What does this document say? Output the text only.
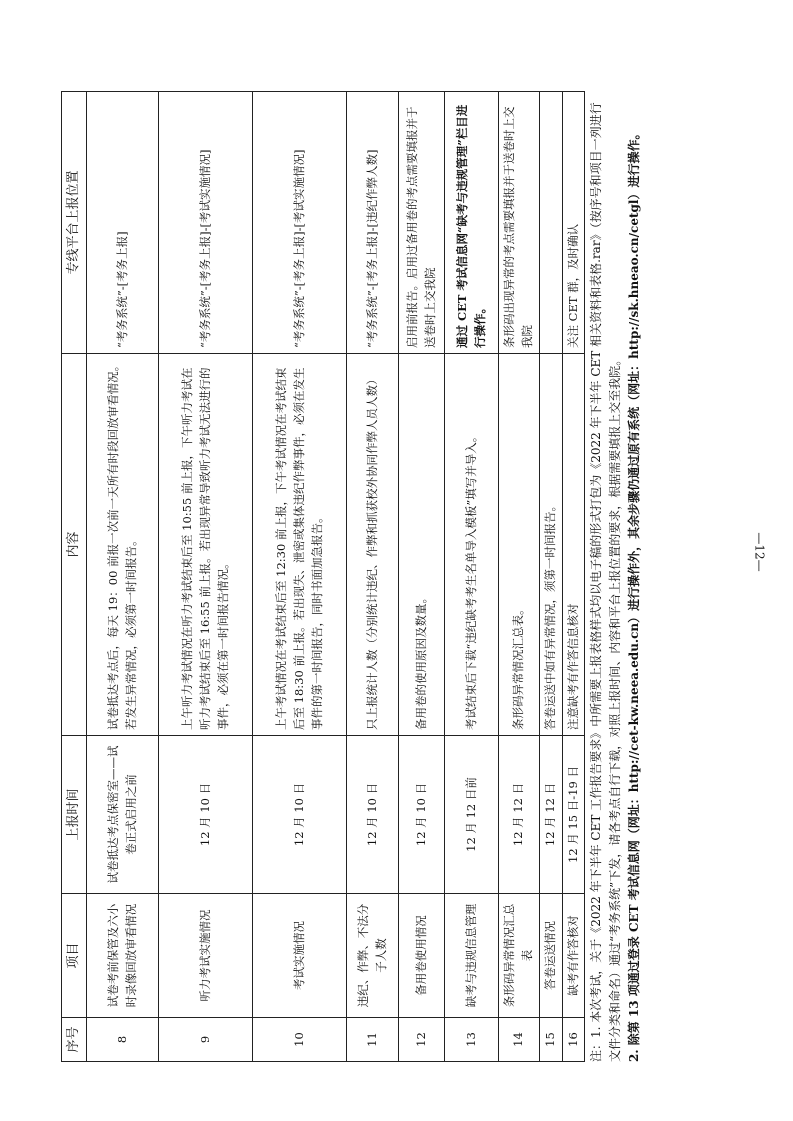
序号	项目	上报时间	内容	专线平台上报位置
8	试卷考前保管及六小时录像回放审看情况	试卷抵达考点保密室——试卷正式启用之前	试卷抵达考点后，每天 19：00 前报一次前一天所有时段回放审看情况。若发生异常情况，必须第一时间报告。	“考务系统”-[考务上报]
9	听力考试实施情况	12 月 10 日	上午听力考试情况在听力考试结束后至 10:55 前上报，下午听力考试在听力考试结束后至 16:55 前上报。若出现异常导致听力考试无法进行的事件，必须在第一时间报告情况。	“考务系统”-[考务上报]-[考试实施情况]
10	考试实施情况	12 月 10 日	上午考试情况在考试结束后至 12:30 前上报，下午考试情况在考试结束后至 18:30 前上报。若出现失、泄密或集体违纪作弊事件，必须在发生事件的第一时间报告，同时书面加急报告。	“考务系统”-[考务上报]-[考试实施情况]
11	违纪、作弊、不法分子人数	12 月 10 日	只上报统计人数（分别统计违纪、作弊和抓获校外协同作弊人员人数）	“考务系统”-[考务上报]-[违纪作弊人数]
12	备用卷使用情况	12 月 10 日	备用卷的使用原因及数量。	启用前报告。启用过备用卷的考点需要填报并于送卷时上交我院
13	缺考与违规信息管理	12 月 12 日前	考试结束后下载“违纪缺考考生名单导入模板”填写并导入。	通过 CET 考试信息网“缺考与违规管理”栏目进行操作。
14	条形码异常情况汇总表	12 月 12 日	条形码异常情况汇总表。	条形码出现异常的考点需要填报并于送卷时上交我院
15	答卷运送情况	12 月 12 日	答卷运送中如有异常情况，须第一时间报告。	
16	缺考有作答核对	12 月 15 日-19 日	注意缺考有作答信息核对	关注 CET 群，及时确认 注：1. 本次考试，关于《2022 年下半年 CET 工作报告要求》中所需要上报表格样式均以电子稿的形式打包为《2022 年下半年 CET 相关资料和表格.rar》（按序号和项目一列进行文件分类和命名）通过“考务系统”下发，请各考点自行下载，对照上报时间、内容和平台上报位置的要求，根据需要填报上交至我院。 2. 除第 13 项通过登录 CET 考试信息网（网址：http://cet-kw.neea.edu.cn）进行操作外，其余步骤仍通过原有系统（网址：http://sk.hneao.cn/cetgl）进行操作。	—12—
